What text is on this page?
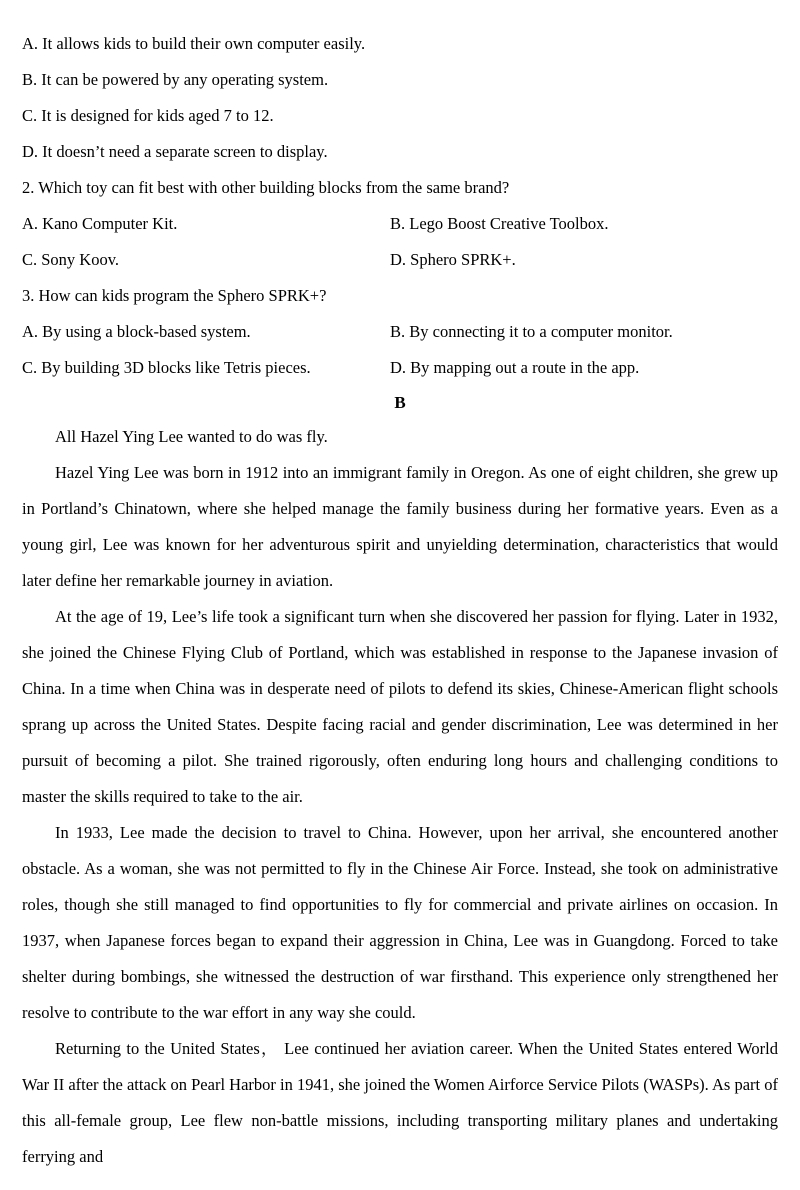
A. It allows kids to build their own computer easily.
B. It can be powered by any operating system.
C. It is designed for kids aged 7 to 12.
D. It doesn’t need a separate screen to display.
2. Which toy can fit best with other building blocks from the same brand?
A. Kano Computer Kit.	B. Lego Boost Creative Toolbox.
C. Sony Koov.	D. Sphero SPRK+.
3. How can kids program the Sphero SPRK+?
A. By using a block-based system.	B. By connecting it to a computer monitor.
C. By building 3D blocks like Tetris pieces.	D. By mapping out a route in the app.
B

All Hazel Ying Lee wanted to do was fly.

Hazel Ying Lee was born in 1912 into an immigrant family in Oregon. As one of eight children, she grew up in Portland’s Chinatown, where she helped manage the family business during her formative years. Even as a young girl, Lee was known for her adventurous spirit and unyielding determination, characteristics that would later define her remarkable journey in aviation.

At the age of 19, Lee’s life took a significant turn when she discovered her passion for flying. Later in 1932, she joined the Chinese Flying Club of Portland, which was established in response to the Japanese invasion of China. In a time when China was in desperate need of pilots to defend its skies, Chinese-American flight schools sprang up across the United States. Despite facing racial and gender discrimination, Lee was determined in her pursuit of becoming a pilot. She trained rigorously, often enduring long hours and challenging conditions to master the skills required to take to the air.

In 1933, Lee made the decision to travel to China. However, upon her arrival, she encountered another obstacle. As a woman, she was not permitted to fly in the Chinese Air Force. Instead, she took on administrative roles, though she still managed to find opportunities to fly for commercial and private airlines on occasion. In 1937, when Japanese forces began to expand their aggression in China, Lee was in Guangdong. Forced to take shelter during bombings, she witnessed the destruction of war firsthand. This experience only strengthened her resolve to contribute to the war effort in any way she could.

Returning to the United States， Lee continued her aviation career. When the United States entered World War II after the attack on Pearl Harbor in 1941, she joined the Women Airforce Service Pilots (WASPs). As part of this all-female group, Lee flew non-battle missions, including transporting military planes and undertaking ferrying and
